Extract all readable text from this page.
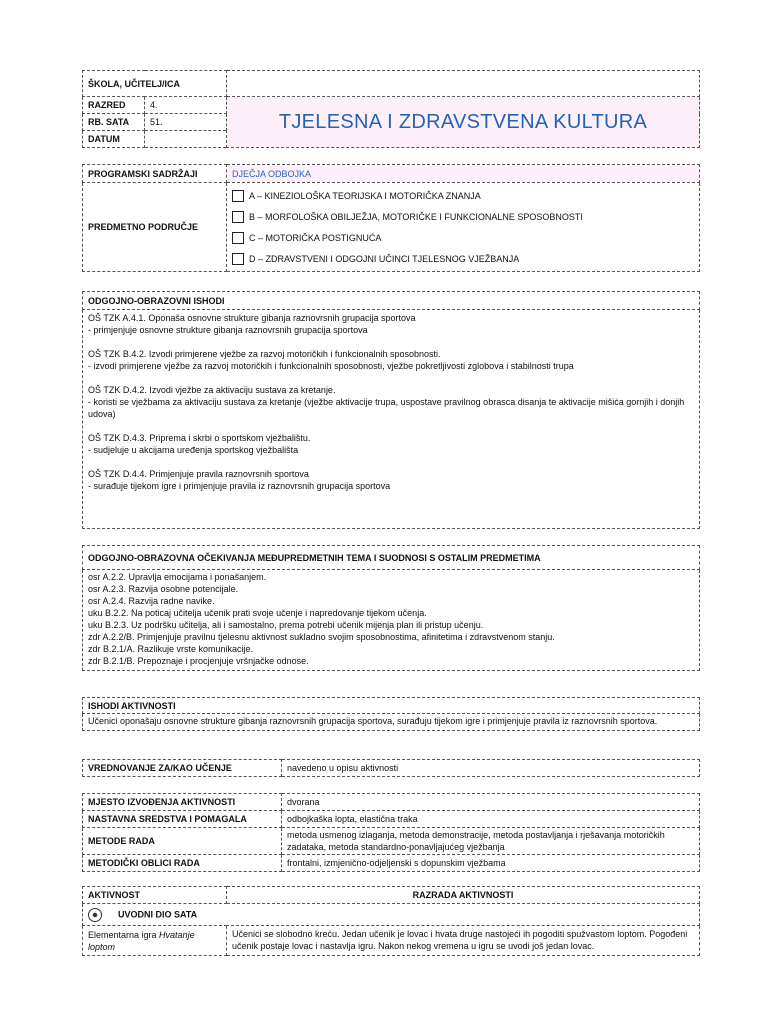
ŠKOLA, UČITELJ/ICA		
RAZRED	4.	TJELESNA I ZDRAVSTVENA KULTURA
RB. SATA	51.	
DATUM		
PROGRAMSKI SADRŽAJI	DJEČJA ODBOJKA
PREDMETNO PODRUČJE	A – KINEZIOLOŠKA TEORIJSKA I MOTORIČKA ZNANJA
B – MORFOLOŠKA OBILJEŽJA, MOTORIČKE I FUNKCIONALNE SPOSOBNOSTI
C – MOTORIČKA POSTIGNUĆA
D – ZDRAVSTVENI I ODGOJNI UČINCI TJELESNOG VJEŽBANJA
ODGOJNO-OBRAZOVNI ISHODI

OŠ TZK A.4.1. Oponaša osnovne strukture gibanja raznovrsnih grupacija sportova
- primjenjuje osnovne strukture gibanja raznovrsnih grupacija sportova
OŠ TZK B.4.2. Izvodi primjerene vježbe za razvoj motoričkih i funkcionalnih sposobnosti.
- izvodi primjerene vježbe za razvoj motoričkih i funkcionalnih sposobnosti, vježbe pokretljivosti zglobova i stabilnosti trupa
OŠ TZK D.4.2. Izvodi vježbe za aktivaciju sustava za kretanje.
- koristi se vježbama za aktivaciju sustava za kretanje (vježbe aktivacije trupa, uspostave pravilnog obrasca disanja te aktivacije mišića gornjih i donjih udova)
OŠ TZK D.4.3. Priprema i skrbi o sportskom vježbalištu.
- sudjeluje u akcijama uređenja sportskog vježbališta
OŠ TZK D.4.4. Primjenjuje pravila raznovrsnih sportova
- surađuje tijekom igre i primjenjuje pravila iz raznovrsnih grupacija sportova
ODGOJNO-OBRAZOVNA OČEKIVANJA MEĐUPREDMETNIH TEMA I SUODNOSI S OSTALIM PREDMETIMA

osr A.2.2. Upravlja emocijama i ponašanjem.
osr A.2.3. Razvija osobne potencijale.
osr A.2.4. Razvija radne navike.
uku B.2.2. Na poticaj učitelja učenik prati svoje učenje i napredovanje tijekom učenja.
uku B.2.3. Uz podršku učitelja, ali i samostalno, prema potrebi učenik mijenja plan ili pristup učenju.
zdr A.2.2/B. Primjenjuje pravilnu tjelesnu aktivnost sukladno svojim sposobnostima, afinitetima i zdravstvenom stanju.
zdr B.2.1/A. Razlikuje vrste komunikacije.
zdr B.2.1/B. Prepoznaje i procjenjuje vršnjačke odnose.
ISHODI AKTIVNOSTI
Učenici oponašaju osnovne strukture gibanja raznovrsnih grupacija sportova, surađuju tijekom igre i primjenjuje pravila iz raznovrsnih sportova.
VREDNOVANJE ZA/KAO UČENJE	navedeno u opisu aktivnosti
MJESTO IZVOĐENJA AKTIVNOSTI	dvorana
NASTAVNA SREDSTVA I POMAGALA	odbojkaška lopta, elastična traka
METODE RADA	metoda usmenog izlaganja, metoda demonstracije, metoda postavljanja i rješavanja motoričkih zadataka, metoda standardno-ponavljajućeg vježbanja
METODIČKI OBLICI RADA	frontalni, izmjenično-odjeljenski s dopunskim vježbama
AKTIVNOST	RAZRADA AKTIVNOSTI
UVODNI DIO SATA	
Elementarna igra Hvatanje loptom	Učenici se slobodno kreću. Jedan učenik je lovac i hvata druge nastojeći ih pogoditi spužvastom loptom. Pogođeni učenik postaje lovac i nastavlja igru. Nakon nekog vremena u igru se uvodi još jedan lovac.
